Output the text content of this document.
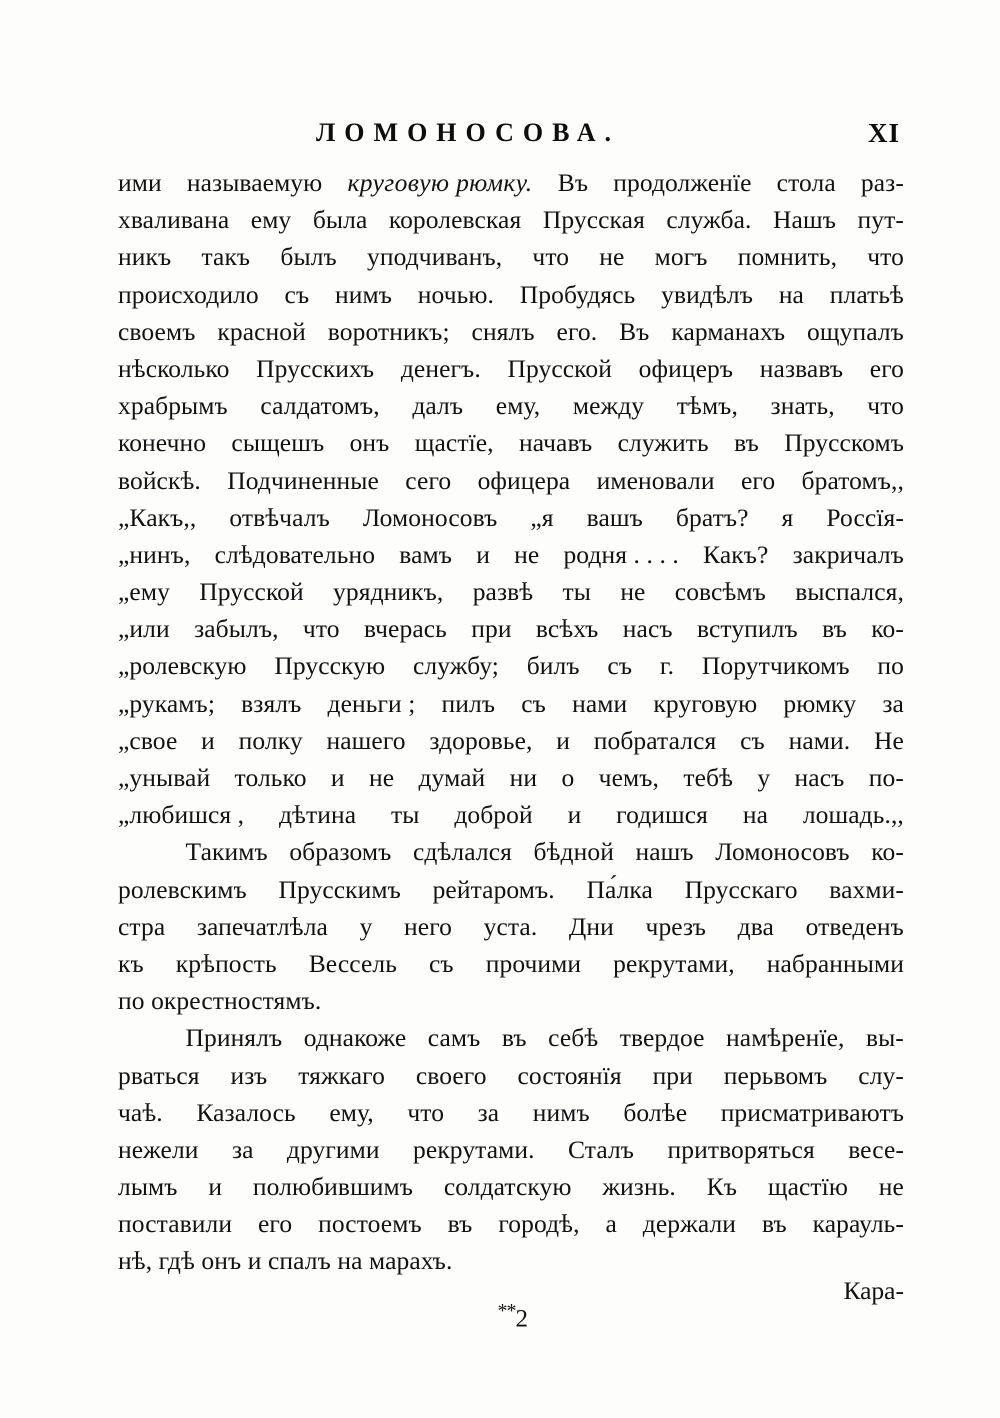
ЛОМОНОСОВА.	XI
ими называемую круговую рюмку. Въ продолженїе стола раз-
хваливана ему была королевская Прусская служба. Нашъ пут-
никъ такъ былъ уподчиванъ, что не могъ помнить, что
происходило съ нимъ ночью. Пробудясь увидѣлъ на платьѣ
своемъ красной воротникъ; снялъ его. Въ карманахъ ощупалъ
нѣсколько Прусскихъ денегъ. Прусской офицеръ назвавъ его
храбрымъ салдатомъ, далъ ему, между тѣмъ, знать, что
конечно сыщешъ онъ щастїе, начавъ служить въ Прусскомъ
войскѣ. Подчиненные сего офицера именовали его братомъ,,
„Какъ,, отвѣчалъ Ломоносовъ „я вашъ братъ? я Россїя-
„нинъ, слѣдовательно вамъ и не родня . . . . Какъ? закричалъ
„ему Прусской урядникъ, развѣ ты не совсѣмъ выспался,
„или забылъ, что вчерась при всѣхъ насъ вступилъ въ ко-
„ролевскую Прусскую службу; билъ съ г. Порутчикомъ по
„рукамъ; взялъ деньги ; пилъ съ нами круговую рюмку за
„свое и полку нашего здоровье, и побратался съ нами. Не
„унывай только и не думай ни о чемъ, тебѣ у насъ по-
„любишся , дѣтина ты доброй и годишся на лошадь.,,
Такимъ образомъ сдѣлался бѣдной нашъ Ломоносовъ ко-
ролевскимъ Прусскимъ рейтаромъ. Па́лка Прусскаго вахми-
стра запечатлѣла у него уста. Дни чрезъ два отведенъ
къ крѣпость Вессель съ прочими рекрутами, набранными
по окрестностямъ.
Принялъ однакоже самъ въ себѣ твердое намѣренїе, вы-
рваться изъ тяжкаго своего состоянїя при перьвомъ слу-
чаѣ. Казалось ему, что за нимъ болѣе присматриваютъ
нежели за другими рекрутами. Сталъ притворяться весе-
лымъ и полюбившимъ солдатскую жизнь. Къ щастїю не
поставили его постоемъ въ городѣ, а держали въ карауль-
нѣ, гдѣ онъ и спалъ на марахъ.

**2

Кара-
